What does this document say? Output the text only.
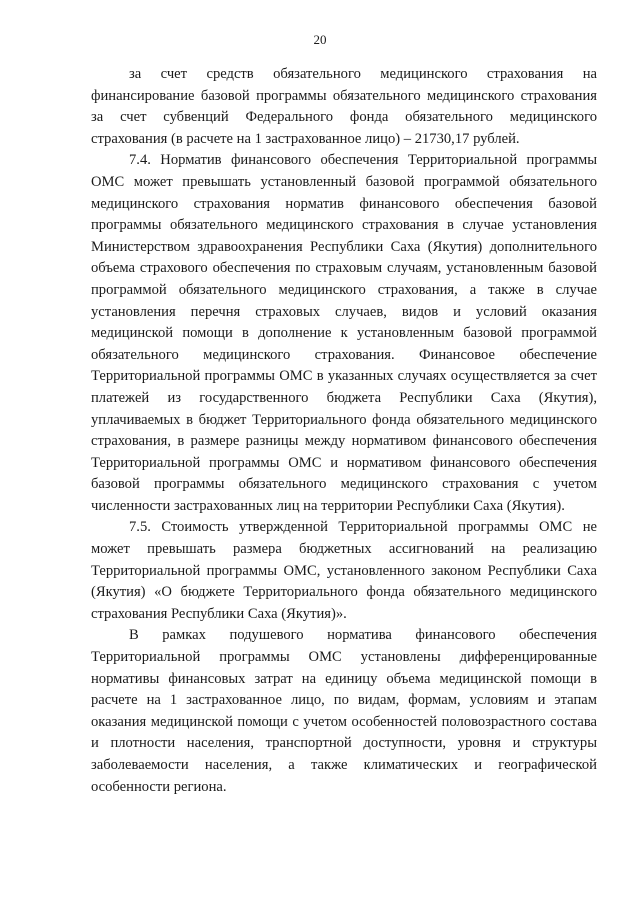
20

за счет средств обязательного медицинского страхования на финансирование базовой программы обязательного медицинского страхования за счет субвенций Федерального фонда обязательного медицинского страхования (в расчете на 1 застрахованное лицо) – 21730,17 рублей.

7.4. Норматив финансового обеспечения Территориальной программы ОМС может превышать установленный базовой программой обязательного медицинского страхования норматив финансового обеспечения базовой программы обязательного медицинского страхования в случае установления Министерством здравоохранения Республики Саха (Якутия) дополнительного объема страхового обеспечения по страховым случаям, установленным базовой программой обязательного медицинского страхования, а также в случае установления перечня страховых случаев, видов и условий оказания медицинской помощи в дополнение к установленным базовой программой обязательного медицинского страхования. Финансовое обеспечение Территориальной программы ОМС в указанных случаях осуществляется за счет платежей из государственного бюджета Республики Саха (Якутия), уплачиваемых в бюджет Территориального фонда обязательного медицинского страхования, в размере разницы между нормативом финансового обеспечения Территориальной программы ОМС и нормативом финансового обеспечения базовой программы обязательного медицинского страхования с учетом численности застрахованных лиц на территории Республики Саха (Якутия).

7.5. Стоимость утвержденной Территориальной программы ОМС не может превышать размера бюджетных ассигнований на реализацию Территориальной программы ОМС, установленного законом Республики Саха (Якутия) «О бюджете Территориального фонда обязательного медицинского страхования Республики Саха (Якутия)».

В рамках подушевого норматива финансового обеспечения Территориальной программы ОМС установлены дифференцированные нормативы финансовых затрат на единицу объема медицинской помощи в расчете на 1 застрахованное лицо, по видам, формам, условиям и этапам оказания медицинской помощи с учетом особенностей половозрастного состава и плотности населения, транспортной доступности, уровня и структуры заболеваемости населения, а также климатических и географической особенности региона.
